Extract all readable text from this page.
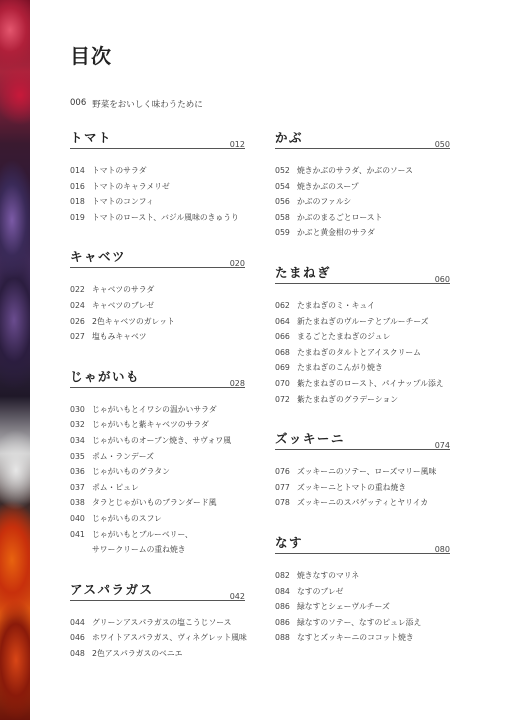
目次
006 野菜をおいしく味わうために
トマト	012
014 トマトのサラダ
016 トマトのキャラメリゼ
018 トマトのコンフィ
019 トマトのロースト、バジル風味のきゅうり
キャベツ	020
022 キャベツのサラダ
024 キャベツのブレゼ
026 2色キャベツのガレット
027 塩もみキャベツ
じゃがいも	028
030 じゃがいもとイワシの温かいサラダ
032 じゃがいもと紫キャベツのサラダ
034 じゃがいものオーブン焼き、サヴォワ風
035 ポム・ランデーズ
036 じゃがいものグラタン
037 ポム・ピュレ
038 タラとじゃがいものブランダード風
040 じゃがいものスフレ
041 じゃがいもとブルーベリー、
サワークリームの重ね焼き
アスパラガス	042
044 グリーンアスパラガスの塩こうじソース
046 ホワイトアスパラガス、ヴィネグレット風味
048 2色アスパラガスのベニエ
かぶ	050
052 焼きかぶのサラダ、かぶのソース
054 焼きかぶのスープ
056 かぶのファルシ
058 かぶのまるごとロースト
059 かぶと黄金柑のサラダ
たまねぎ	060
062 たまねぎのミ・キュイ
064 新たまねぎのヴルーテとブルーチーズ
066 まるごとたまねぎのジュレ
068 たまねぎのタルトとアイスクリーム
069 たまねぎのこんがり焼き
070 紫たまねぎのロースト、パイナップル添え
072 紫たまねぎのグラデーション
ズッキーニ	074
076 ズッキーニのソテー、ローズマリー風味
077 ズッキーニとトマトの重ね焼き
078 ズッキーニのスパゲッティとヤリイカ
なす	080
082 焼きなすのマリネ
084 なすのブレゼ
086 緑なすとシェーヴルチーズ
086 緑なすのソテー、なすのピュレ添え
088 なすとズッキーニのココット焼き
